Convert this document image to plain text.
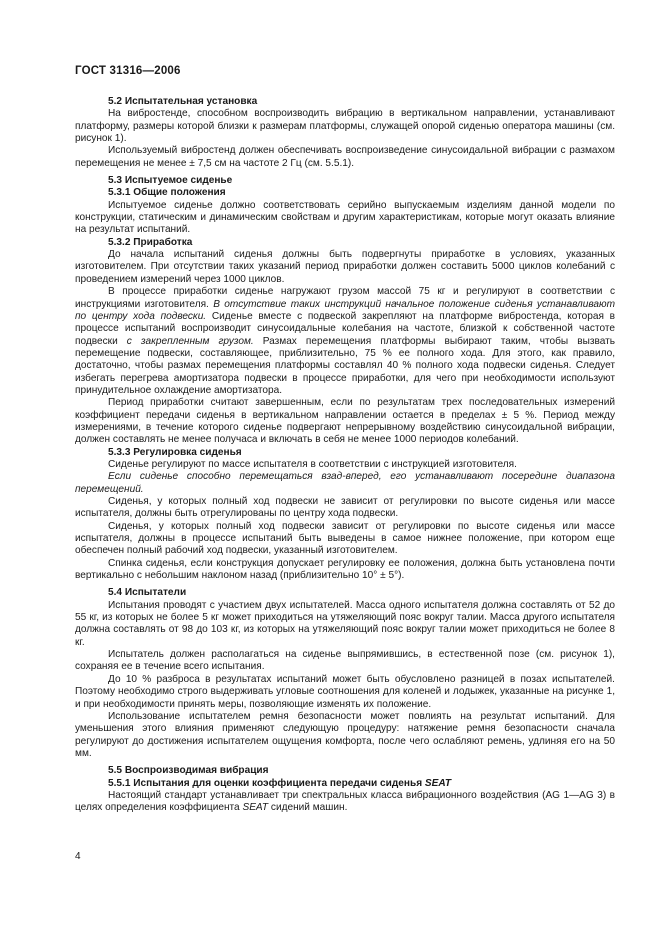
ГОСТ 31316—2006
5.2 Испытательная установка

На вибростенде, способном воспроизводить вибрацию в вертикальном направлении, устанавливают платформу, размеры которой близки к размерам платформы, служащей опорой сиденью оператора машины (см. рисунок 1).

Используемый вибростенд должен обеспечивать воспроизведение синусоидальной вибрации с размахом перемещения не менее ± 7,5 см на частоте 2 Гц (см. 5.5.1).

5.3 Испытуемое сиденье
5.3.1 Общие положения

Испытуемое сиденье должно соответствовать серийно выпускаемым изделиям данной модели по конструкции, статическим и динамическим свойствам и другим характеристикам, которые могут оказать влияние на результат испытаний.

5.3.2 Приработка

До начала испытаний сиденья должны быть подвергнуты приработке в условиях, указанных изготовителем. При отсутствии таких указаний период приработки должен составить 5000 циклов колебаний с проведением измерений через 1000 циклов.

В процессе приработки сиденье нагружают грузом массой 75 кг и регулируют в соответствии с инструкциями изготовителя. В отсутствие таких инструкций начальное положение сиденья устанавливают по центру хода подвески. Сиденье вместе с подвеской закрепляют на платформе вибростенда, которая в процессе испытаний воспроизводит синусоидальные колебания на частоте, близкой к собственной частоте подвески с закрепленным грузом. Размах перемещения платформы выбирают таким, чтобы вызвать перемещение подвески, составляющее, приблизительно, 75 % ее полного хода. Для этого, как правило, достаточно, чтобы размах перемещения платформы составлял 40 % полного хода подвески сиденья. Следует избегать перегрева амортизатора подвески в процессе приработки, для чего при необходимости используют принудительное охлаждение амортизатора.

Период приработки считают завершенным, если по результатам трех последовательных измерений коэффициент передачи сиденья в вертикальном направлении остается в пределах ± 5 %. Период между измерениями, в течение которого сиденье подвергают непрерывному воздействию синусоидальной вибрации, должен составлять не менее получаса и включать в себя не менее 1000 периодов колебаний.

5.3.3 Регулировка сиденья

Сиденье регулируют по массе испытателя в соответствии с инструкцией изготовителя.

Если сиденье способно перемещаться взад-вперед, его устанавливают посередине диапазона перемещений.

Сиденья, у которых полный ход подвески не зависит от регулировки по высоте сиденья или массе испытателя, должны быть отрегулированы по центру хода подвески.

Сиденья, у которых полный ход подвески зависит от регулировки по высоте сиденья или массе испытателя, должны в процессе испытаний быть выведены в самое нижнее положение, при котором еще обеспечен полный рабочий ход подвески, указанный изготовителем.

Спинка сиденья, если конструкция допускает регулировку ее положения, должна быть установлена почти вертикально с небольшим наклоном назад (приблизительно 10° ± 5°).

5.4 Испытатели

Испытания проводят с участием двух испытателей. Масса одного испытателя должна составлять от 52 до 55 кг, из которых не более 5 кг может приходиться на утяжеляющий пояс вокруг талии. Масса другого испытателя должна составлять от 98 до 103 кг, из которых на утяжеляющий пояс вокруг талии может приходиться не более 8 кг.

Испытатель должен располагаться на сиденье выпрямившись, в естественной позе (см. рисунок 1), сохраняя ее в течение всего испытания.

До 10 % разброса в результатах испытаний может быть обусловлено разницей в позах испытателей. Поэтому необходимо строго выдерживать угловые соотношения для коленей и лодыжек, указанные на рисунке 1, и при необходимости принять меры, позволяющие изменять их положение.

Использование испытателем ремня безопасности может повлиять на результат испытаний. Для уменьшения этого влияния применяют следующую процедуру: натяжение ремня безопасности сначала регулируют до достижения испытателем ощущения комфорта, после чего ослабляют ремень, удлиняя его на 50 мм.

5.5 Воспроизводимая вибрация
5.5.1 Испытания для оценки коэффициента передачи сиденья SEAT

Настоящий стандарт устанавливает три спектральных класса вибрационного воздействия (AG 1—AG 3) в целях определения коэффициента SEAT сидений машин.

4
